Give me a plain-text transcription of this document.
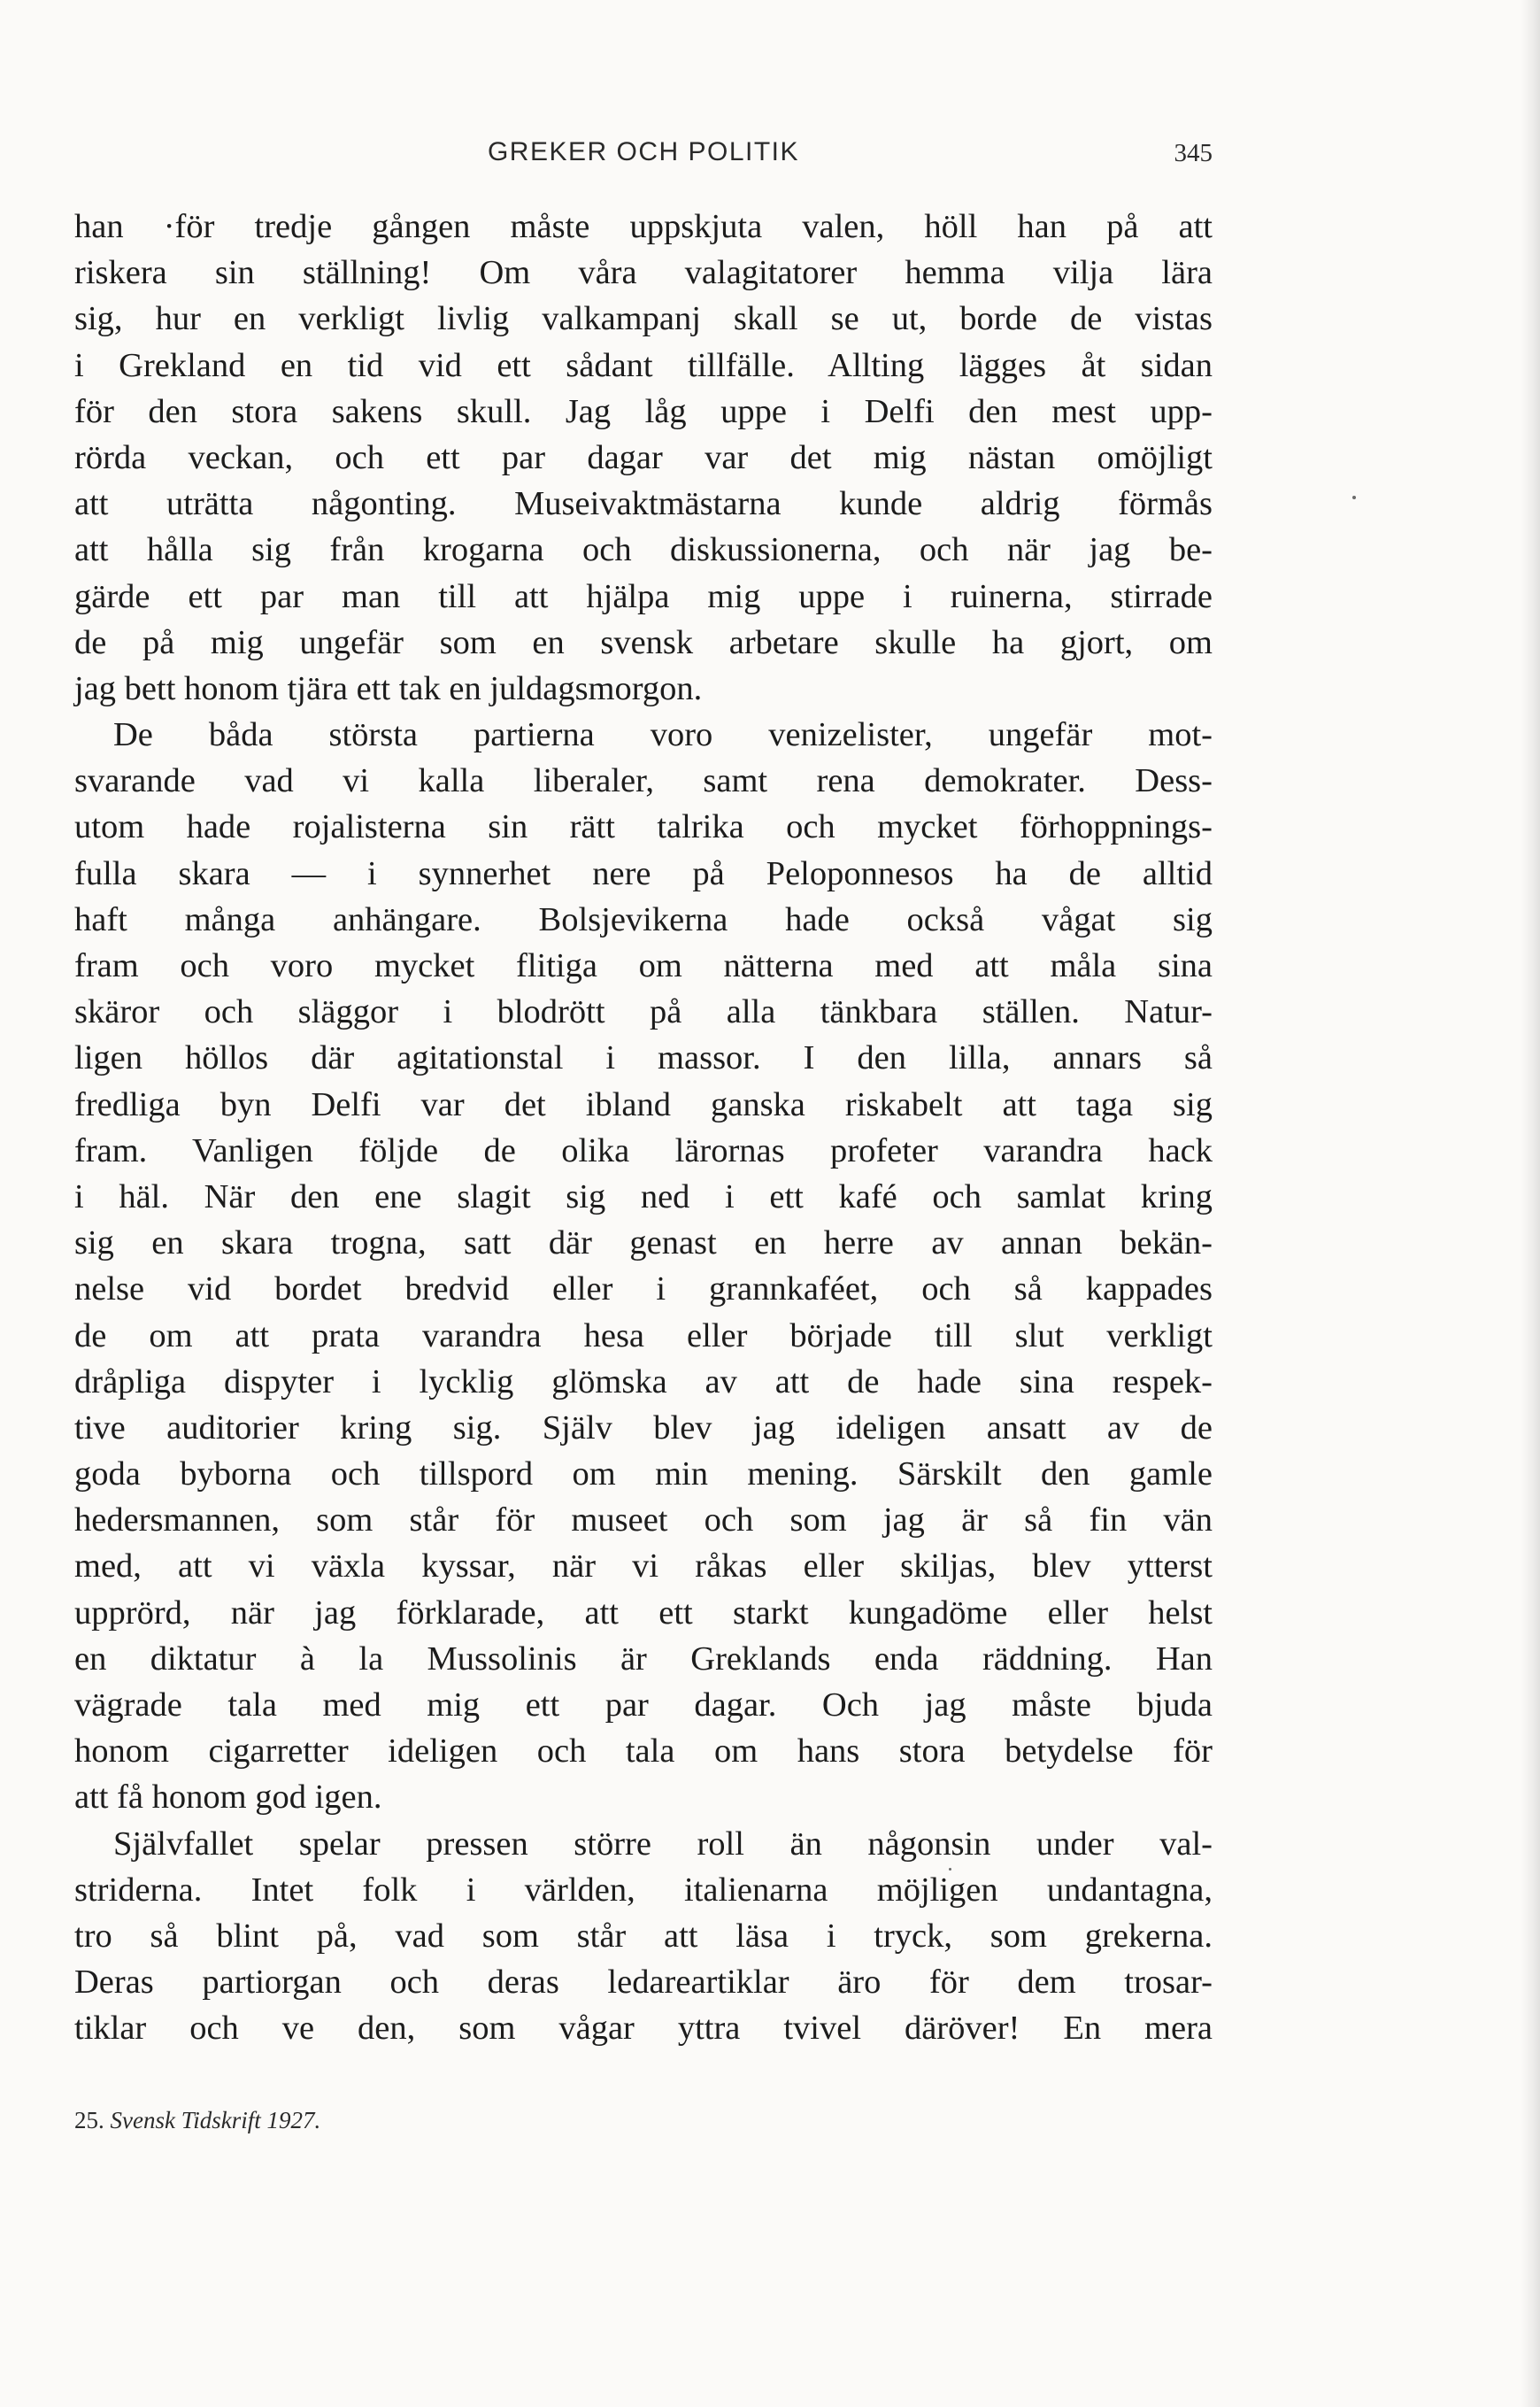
GREKER OCH POLITIK	345
han ·för tredje gången måste uppskjuta valen, höll han på att
riskera sin ställning! Om våra valagitatorer hemma vilja lära
sig, hur en verkligt livlig valkampanj skall se ut, borde de vistas
i Grekland en tid vid ett sådant tillfälle. Allting lägges åt sidan
för den stora sakens skull. Jag låg uppe i Delfi den mest upp-
rörda veckan, och ett par dagar var det mig nästan omöjligt
att uträtta någonting. Museivaktmästarna kunde aldrig förmås
att hålla sig från krogarna och diskussionerna, och när jag be-
gärde ett par man till att hjälpa mig uppe i ruinerna, stirrade
de på mig ungefär som en svensk arbetare skulle ha gjort, om
jag bett honom tjära ett tak en juldagsmorgon.
De båda största partierna voro venizelister, ungefär mot-
svarande vad vi kalla liberaler, samt rena demokrater. Dess-
utom hade rojalisterna sin rätt talrika och mycket förhoppnings-
fulla skara — i synnerhet nere på Peloponnesos ha de alltid
haft många anhängare. Bolsjevikerna hade också vågat sig
fram och voro mycket flitiga om nätterna med att måla sina
skäror och släggor i blodrött på alla tänkbara ställen. Natur-
ligen höllos där agitationstal i massor. I den lilla, annars så
fredliga byn Delfi var det ibland ganska riskabelt att taga sig
fram. Vanligen följde de olika lärornas profeter varandra hack
i häl. När den ene slagit sig ned i ett kafé och samlat kring
sig en skara trogna, satt där genast en herre av annan bekän-
nelse vid bordet bredvid eller i grannkaféet, och så kappades
de om att prata varandra hesa eller började till slut verkligt
dråpliga dispyter i lycklig glömska av att de hade sina respek-
tive auditorier kring sig. Själv blev jag ideligen ansatt av de
goda byborna och tillspord om min mening. Särskilt den gamle
hedersmannen, som står för museet och som jag är så fin vän
med, att vi växla kyssar, när vi råkas eller skiljas, blev ytterst
upprörd, när jag förklarade, att ett starkt kungadöme eller helst
en diktatur à la Mussolinis är Greklands enda räddning. Han
vägrade tala med mig ett par dagar. Och jag måste bjuda
honom cigarretter ideligen och tala om hans stora betydelse för
att få honom god igen.
Självfallet spelar pressen större roll än någonsin under val-
striderna. Intet folk i världen, italienarna möjligen undantagna,
tro så blint på, vad som står att läsa i tryck, som grekerna.
Deras partiorgan och deras ledareartiklar äro för dem trosar-
tiklar och ve den, som vågar yttra tvivel däröver! En mera
25. Svensk Tidskrift 1927.
